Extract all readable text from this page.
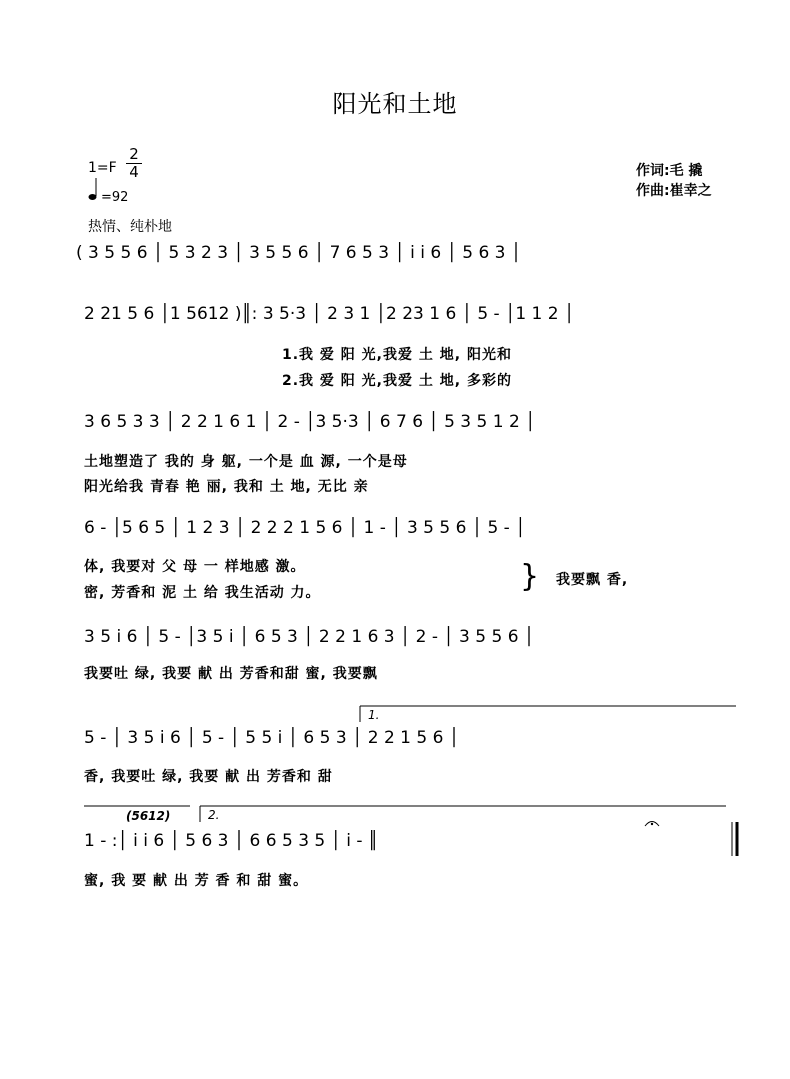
阳光和土地
1=F
2
4
=92
热情、纯朴地
作词:毛 撬
作曲:崔幸之
( 3 5 5 6 │ 5 3 2 3 │ 3 5 5 6 │ 7 6 5 3 │ i i 6 │ 5 6 3 │
2 21 5 6 │1 5612 )║: 3 5·3 │ 2 3 1 │2 23 1 6 │ 5 - │1 1 2 │
1.我 爱 阳 光,我爱 土 地, 阳光和
2.我 爱 阳 光,我爱 土 地, 多彩的
3 6 5 3 3 │ 2 2 1 6 1 │ 2 - │3 5·3 │ 6 7 6 │ 5 3 5 1 2 │
土地塑造了 我的 身 躯, 一个是 血 源, 一个是母
阳光给我 青春 艳 丽, 我和 土 地, 无比 亲
6 - │5 6 5 │ 1 2 3 │ 2 2 2 1 5 6 │ 1 - │ 3 5 5 6 │ 5 - │
体, 我要对 父 母 一 样地感 激。
密, 芳香和 泥 土 给 我生活动 力。	} 我要飘 香,
3 5 i 6 │ 5 - │3 5 i │ 6 5 3 │ 2 2 1 6 3 │ 2 - │ 3 5 5 6 │
我要吐 绿, 我要 献 出 芳香和甜 蜜, 我要飘
1.
5 - │ 3 5 i 6 │ 5 - │ 5 5 i │ 6 5 3 │ 2 2 1 5 6 │
香, 我要吐 绿, 我要 献 出 芳香和 甜
(5612)	2.
1 - :│ i i 6 │ 5 6 3 │ 6 6 5 3 5 │ i - ║
蜜, 我 要 献 出 芳 香 和 甜 蜜。
